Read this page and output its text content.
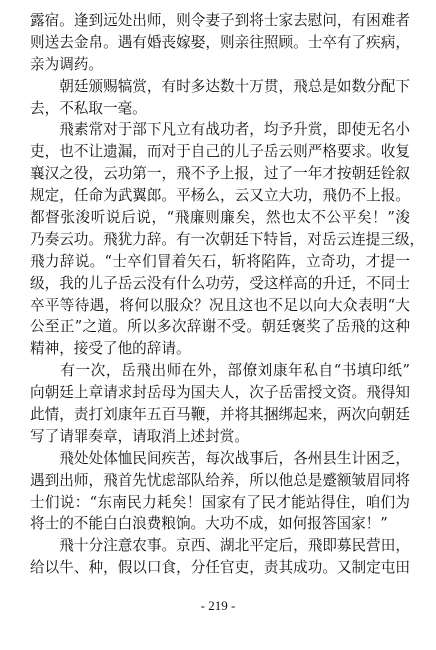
露宿。逢到远处出师，则令妻子到将士家去慰问，有困难者
则送去金帛。遇有婚丧嫁娶，则亲往照顾。士卒有了疾病，
亲为调药。
　　朝廷颁赐犒赏，有时多达数十万贯，飛总是如数分配下
去，不私取一毫。
　　飛素常对于部下凡立有战功者，均予升赏，即使无名小
吏，也不让遗漏，而对于自己的儿子岳云则严格要求。收复
襄汉之役，云功第一，飛不予上报，过了一年才按朝廷铨叙
规定，任命为武翼郎。平杨么，云又立大功，飛仍不上报。
都督张浚听说后说，“飛廉则廉矣，然也太不公平矣！”浚
乃奏云功。飛犹力辞。有一次朝廷下特旨，对岳云连提三级，
飛力辞说。“士卒们冒着矢石，斩将陷阵，立奇功，才提一
级，我的儿子岳云没有什么功劳，受这样高的升迁，不同士
卒平等待遇，将何以服众？况且这也不足以向大众表明“大
公至正”之道。所以多次辞谢不受。朝廷褒奖了岳飛的这种
精神，接受了他的辞请。
　　有一次，岳飛出师在外，部僚刘康年私自“书填印纸”
向朝廷上章请求封岳母为国夫人，次子岳雷授文资。飛得知
此情，责打刘康年五百马鞭，并将其捆绑起来，两次向朝廷
写了请罪奏章，请取消上述封赏。
　　飛处处体恤民间疾苦，每次战事后，各州县生计困乏，
遇到出师，飛首先忧虑部队给养，所以他总是蹙额皱眉同将
士们说：“东南民力耗矣！国家有了民才能站得住，咱们为
将士的不能白白浪费粮饷。大功不成，如何报答国家！”
　　飛十分注意农事。京西、湖北平定后，飛即募民营田，
给以牛、种，假以口食，分任官吏，责其成功。又制定屯田
- 219 -
